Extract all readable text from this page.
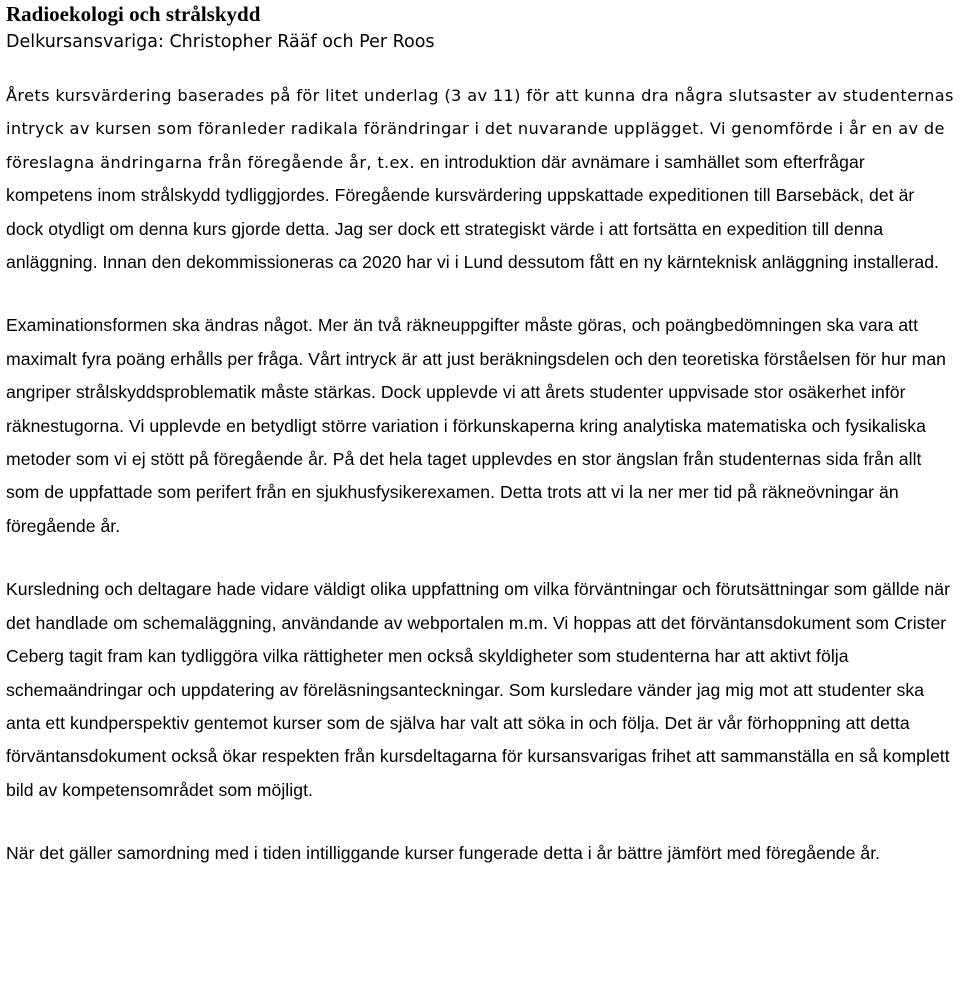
Radioekologi och strålskydd

Delkursansvariga: Christopher Rääf och Per Roos

Årets kursvärdering baserades på för litet underlag (3 av 11) för att kunna dra några slutsaster av studenternas intryck av kursen som föranleder radikala förändringar i det nuvarande upplägget. Vi genomförde i år en av de föreslagna ändringarna från föregående år, t.ex. en introduktion där avnämare i samhället som efterfrågar kompetens inom strålskydd tydliggjordes. Föregående kursvärdering uppskattade expeditionen till Barsebäck, det är dock otydligt om denna kurs gjorde detta. Jag ser dock ett strategiskt värde i att fortsätta en expedition till denna anläggning. Innan den dekommissioneras ca 2020 har vi i Lund dessutom fått en ny kärnteknisk anläggning installerad.

Examinationsformen ska ändras något. Mer än två räkneuppgifter måste göras, och poängbedömningen ska vara att maximalt fyra poäng erhålls per fråga. Vårt intryck är att just beräkningsdelen och den teoretiska förståelsen för hur man angriper strålskyddsproblematik måste stärkas. Dock upplevde vi att årets studenter uppvisade stor osäkerhet inför räknestugorna. Vi upplevde en betydligt större variation i förkunskaperna kring analytiska matematiska och fysikaliska metoder som vi ej stött på föregående år. På det hela taget upplevdes en stor ängslan från studenternas sida från allt som de uppfattade som perifert från en sjukhusfysikerexamen. Detta trots att vi la ner mer tid på räkneövningar än föregående år.

Kursledning och deltagare hade vidare väldigt olika uppfattning om vilka förväntningar och förutsättningar som gällde när det handlade om schemaläggning, användande av webportalen m.m. Vi hoppas att det förväntansdokument som Crister Ceberg tagit fram kan tydliggöra vilka rättigheter men också skyldigheter som studenterna har att aktivt följa schemaändringar och uppdatering av föreläsningsanteckningar. Som kursledare vänder jag mig mot att studenter ska anta ett kundperspektiv gentemot kurser som de själva har valt att söka in och följa. Det är vår förhoppning att detta förväntansdokument också ökar respekten från kursdeltagarna för kursansvarigas frihet att sammanställa en så komplett bild av kompetensområdet som möjligt.

När det gäller samordning med i tiden intilliggande kurser fungerade detta i år bättre jämfört med föregående år.
